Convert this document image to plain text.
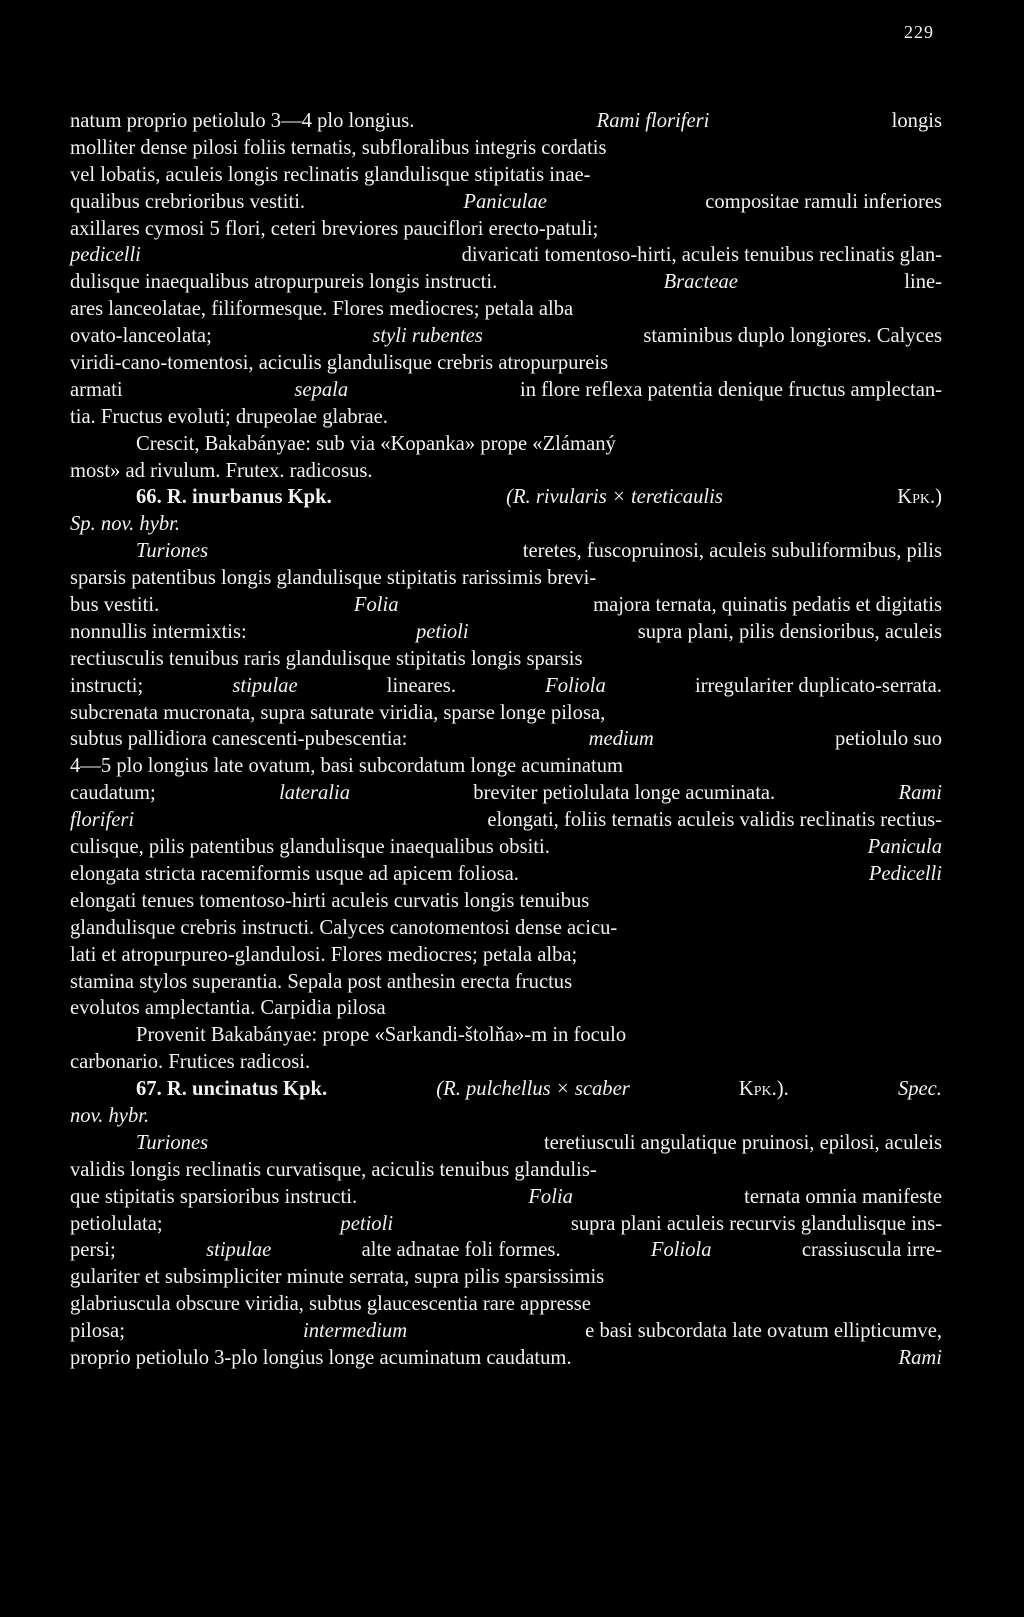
229
natum proprio petiolulo 3—4 plo longius.	Rami floriferi	longis
molliter dense pilosi foliis ternatis, subfloralibus integris cordatis
vel lobatis, aculeis longis reclinatis glandulisque stipitatis inae-
qualibus crebrioribus vestiti.	Paniculae	compositae ramuli inferiores
axillares cymosi 5 flori, ceteri breviores pauciflori erecto-patuli;
pedicelli	divaricati tomentoso-hirti, aculeis tenuibus reclinatis glan-
dulisque inaequalibus atropurpureis longis instructi.	Bracteae	line-
ares lanceolatae, filiformesque. Flores mediocres; petala alba
ovato-lanceolata;	styli rubentes	staminibus duplo longiores. Calyces
viridi-cano-tomentosi, aciculis glandulisque crebris atropurpureis
armati	sepala	in flore reflexa patentia denique fructus amplectan-
tia. Fructus evoluti; drupeolae glabrae.
Crescit, Bakabányae: sub via «Kopanka» prope «Zlámaný
most» ad rivulum. Frutex. radicosus.
66. R. inurbanus Kpk.	(R. rivularis × tereticaulis	Kpk.)
Sp. nov. hybr.
Turiones	teretes, fuscopruinosi, aculeis subuliformibus, pilis
sparsis patentibus longis glandulisque stipitatis rarissimis brevi-
bus vestiti.	Folia	majora ternata, quinatis pedatis et digitatis
nonnullis intermixtis:	petioli	supra plani, pilis densioribus, aculeis
rectiusculis tenuibus raris glandulisque stipitatis longis sparsis
instructi;	stipulae	lineares.	Foliola	irregulariter duplicato-serrata.
subcrenata mucronata, supra saturate viridia, sparse longe pilosa,
subtus pallidiora canescenti-pubescentia:	medium	petiolulo suo
4—5 plo longius late ovatum, basi subcordatum longe acuminatum
caudatum;	lateralia	breviter petiolulata longe acuminata.	Rami
floriferi	elongati, foliis ternatis aculeis validis reclinatis rectius-
culisque, pilis patentibus glandulisque inaequalibus obsiti.	Panicula
elongata stricta racemiformis usque ad apicem foliosa.	Pedicelli
elongati tenues tomentoso-hirti aculeis curvatis longis tenuibus
glandulisque crebris instructi. Calyces canotomentosi dense acicu-
lati et atropurpureo-glandulosi. Flores mediocres; petala alba;
stamina stylos superantia. Sepala post anthesin erecta fructus
evolutos amplectantia. Carpidia pilosa
Provenit Bakabányae: prope «Sarkandi-štolňa»-m in foculo
carbonario. Frutices radicosi.
67. R. uncinatus Kpk.	(R. pulchellus × scaber	Kpk.).	Spec.
nov. hybr.
Turiones	teretiusculi angulatique pruinosi, epilosi, aculeis
validis longis reclinatis curvatisque, aciculis tenuibus glandulis-
que stipitatis sparsioribus instructi.	Folia	ternata omnia manifeste
petiolulata;	petioli	supra plani aculeis recurvis glandulisque ins-
persi;	stipulae	alte adnatae foli formes.	Foliola	crassiuscula irre-
gulariter et subsimpliciter minute serrata, supra pilis sparsissimis
glabriuscula obscure viridia, subtus glaucescentia rare appresse
pilosa;	intermedium	e basi subcordata late ovatum ellipticumve,
proprio petiolulo 3-plo longius longe acuminatum caudatum.	Rami
